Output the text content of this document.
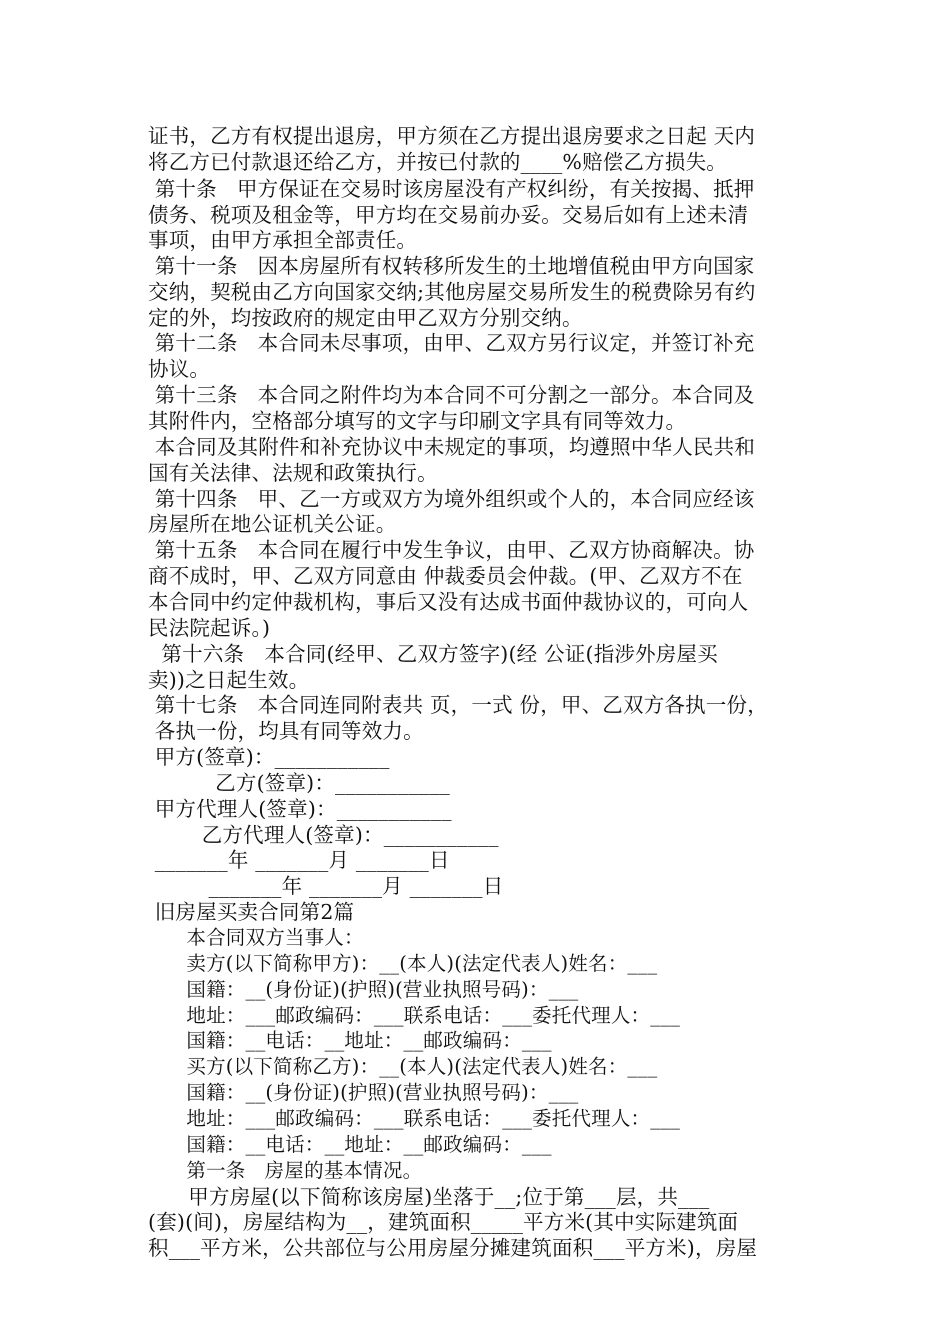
证书，乙方有权提出退房，甲方须在乙方提出退房要求之日起 天内
将乙方已付款退还给乙方，并按已付款的____%赔偿乙方损失。
第十条   甲方保证在交易时该房屋没有产权纠纷，有关按揭、抵押
债务、税项及租金等，甲方均在交易前办妥。交易后如有上述未清
事项，由甲方承担全部责任。
第十一条   因本房屋所有权转移所发生的土地增值税由甲方向国家
交纳，契税由乙方向国家交纳;其他房屋交易所发生的税费除另有约
定的外，均按政府的规定由甲乙双方分别交纳。
第十二条   本合同未尽事项，由甲、乙双方另行议定，并签订补充
协议。
第十三条   本合同之附件均为本合同不可分割之一部分。本合同及
其附件内，空格部分填写的文字与印刷文字具有同等效力。
本合同及其附件和补充协议中未规定的事项，均遵照中华人民共和
国有关法律、法规和政策执行。
第十四条   甲、乙一方或双方为境外组织或个人的，本合同应经该
房屋所在地公证机关公证。
第十五条   本合同在履行中发生争议，由甲、乙双方协商解决。协
商不成时，甲、乙双方同意由 仲裁委员会仲裁。(甲、乙双方不在
本合同中约定仲裁机构，事后又没有达成书面仲裁协议的，可向人
民法院起诉。)
第十六条   本合同(经甲、乙双方签字)(经 公证(指涉外房屋买
卖))之日起生效。
第十七条   本合同连同附表共 页，一式 份，甲、乙双方各执一份，
各执一份，均具有同等效力。
甲方(签章)：___________
乙方(签章)：___________
甲方代理人(签章)：___________
乙方代理人(签章)：___________
_______年 _______月 _______日
_______年 _______月 _______日
旧房屋买卖合同第2篇
本合同双方当事人：
卖方(以下简称甲方)：__(本人)(法定代表人)姓名：___
国籍：__(身份证)(护照)(营业执照号码)：___
地址：___邮政编码：___联系电话：___委托代理人：___
国籍：__电话：__地址：__邮政编码：___
买方(以下简称乙方)：__(本人)(法定代表人)姓名：___
国籍：__(身份证)(护照)(营业执照号码)：___
地址：___邮政编码：___联系电话：___委托代理人：___
国籍：__电话：__地址：__邮政编码：___
第一条   房屋的基本情况。
甲方房屋(以下简称该房屋)坐落于__;位于第___层，共___
(套)(间)，房屋结构为__，建筑面积_____平方米(其中实际建筑面
积___平方米，公共部位与公用房屋分摊建筑面积___平方米)，房屋
